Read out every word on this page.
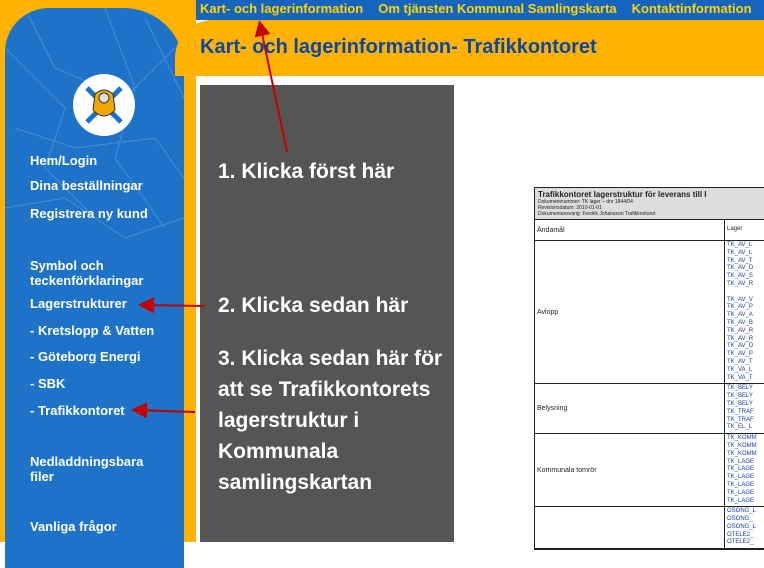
Kart- och lagerinformation Om tjänsten Kommunal Samlingskarta Kontaktinformation
Hem/Login
Dina beställningar
Registrera ny kund
Symbol och teckenförklaringar
Lagerstrukturer
- Kretslopp & Vatten
- Göteborg Energi
- SBK
- Trafikkontoret
Nedladdningsbara filer
Vanliga frågor
Kart- och lagerinformation- Trafikkontoret
1. Klicka först här
2. Klicka sedan här
3. Klicka sedan här för att se Trafikkontorets lagerstruktur i Kommunala samlingskartan
Trafikkontoret lagerstruktur för leverans till I
Dokumentnummer: TK lager – dnr 1844/04
Revisionsdatum: 2010-01-01
Dokumentansvarig: Fredrik Johansson Trafikkontoret
Ändamål	Lager
Avlopp
TK_AV_L
TK_AV_L
TK_AV_T
TK_AV_D
TK_AV_S
TK_AV_R
TK_AV_V
TK_AV_P
TK_AV_A
TK_AV_B
TK_AV_R
TK_AV_R
TK_AV_D
TK_AV_P
TK_AV_T
TK_VA_L
TK_VA_T
Belysning
TK_BELY
TK_BELY
TK_BELY
TK_TRAF
TK_TRAF
TK_EL_L
Kommunala tomrör
TK_KOMM
TK_KOMM
TK_KOMM
TK_LAGE
TK_LAGE
TK_LAGE
TK_LAGE
TK_LAGE
TK_LAGE
OSONG_L
OSONG_
OSONG_L
OTELE2_
OTELE2_
